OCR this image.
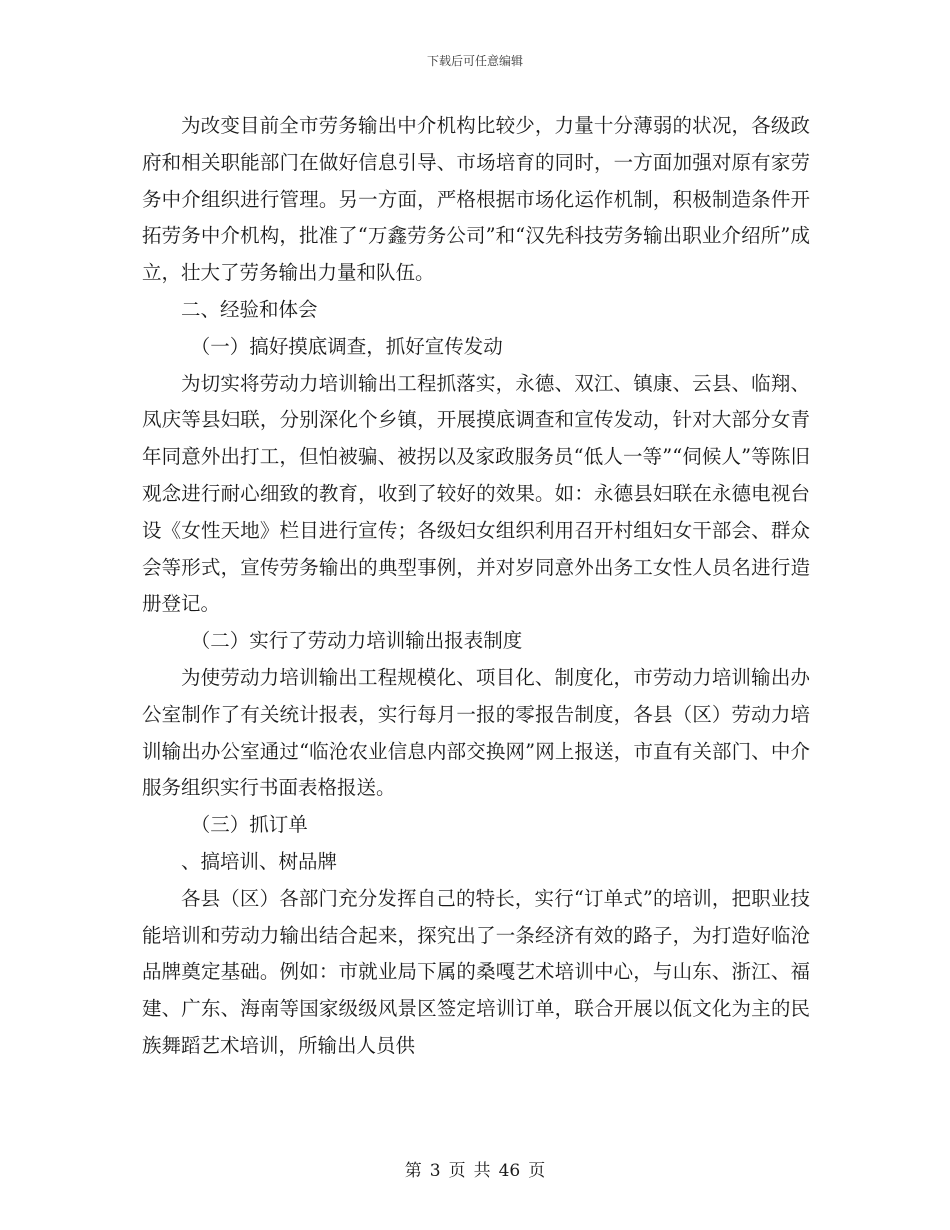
下载后可任意编辑

为改变目前全市劳务输出中介机构比较少，力量十分薄弱的状况，各级政府和相关职能部门在做好信息引导、市场培育的同时，一方面加强对原有家劳务中介组织进行管理。另一方面，严格根据市场化运作机制，积极制造条件开拓劳务中介机构，批准了“万鑫劳务公司”和“汉先科技劳务输出职业介绍所”成立，壮大了劳务输出力量和队伍。

二、经验和体会

（一）搞好摸底调查，抓好宣传发动

为切实将劳动力培训输出工程抓落实，永德、双江、镇康、云县、临翔、凤庆等县妇联，分别深化个乡镇，开展摸底调查和宣传发动，针对大部分女青年同意外出打工，但怕被骗、被拐以及家政服务员“低人一等”“伺候人”等陈旧观念进行耐心细致的教育，收到了较好的效果。如：永德县妇联在永德电视台设《女性天地》栏目进行宣传；各级妇女组织利用召开村组妇女干部会、群众会等形式，宣传劳务输出的典型事例，并对岁同意外出务工女性人员名进行造册登记。

（二）实行了劳动力培训输出报表制度

为使劳动力培训输出工程规模化、项目化、制度化，市劳动力培训输出办公室制作了有关统计报表，实行每月一报的零报告制度，各县（区）劳动力培训输出办公室通过“临沧农业信息内部交换网”网上报送，市直有关部门、中介服务组织实行书面表格报送。

（三）抓订单

、搞培训、树品牌

各县（区）各部门充分发挥自己的特长，实行“订单式”的培训，把职业技能培训和劳动力输出结合起来，探究出了一条经济有效的路子，为打造好临沧品牌奠定基础。例如：市就业局下属的桑嘎艺术培训中心，与山东、浙江、福建、广东、海南等国家级级风景区签定培训订单，联合开展以佤文化为主的民族舞蹈艺术培训，所输出人员供

第 3 页 共 46 页
